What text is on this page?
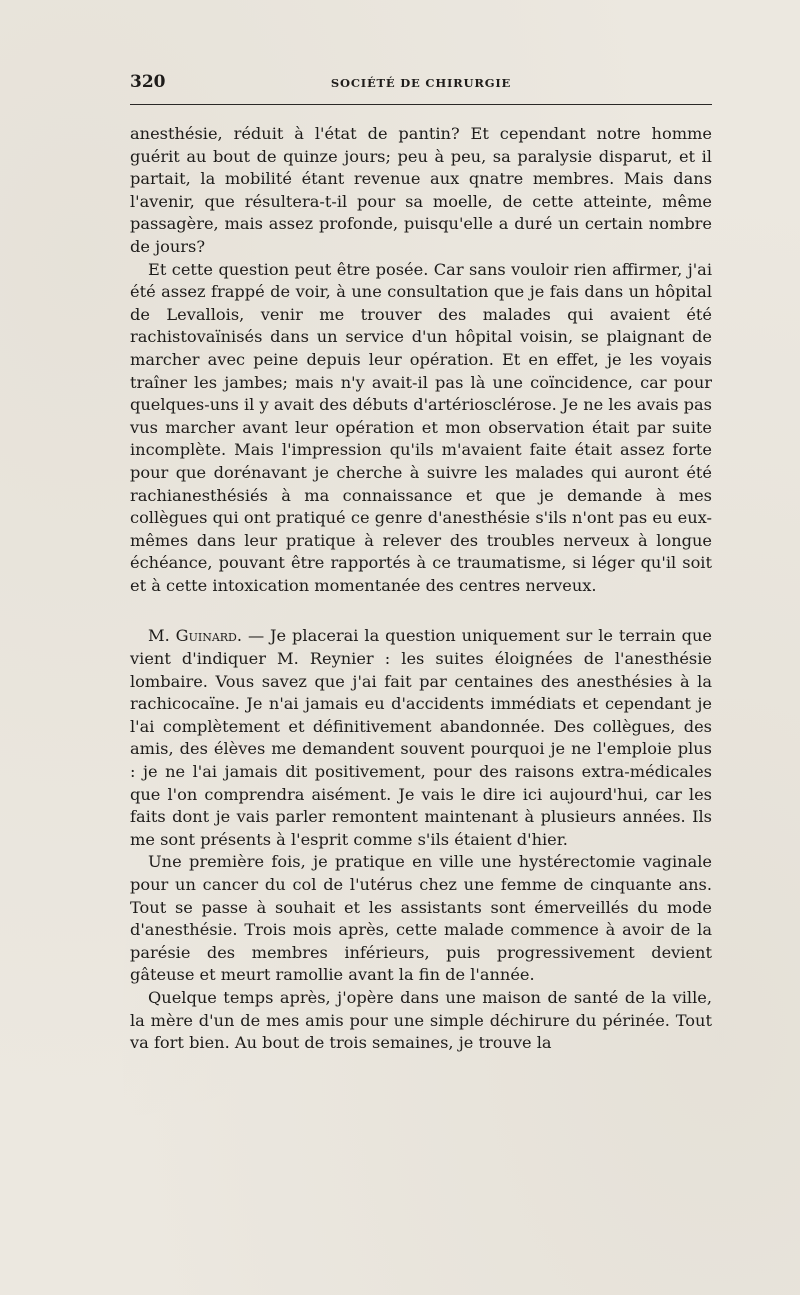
320	SOCIÉTÉ DE CHIRURGIE

anesthésie, réduit à l'état de pantin? Et cependant notre homme guérit au bout de quinze jours; peu à peu, sa paralysie disparut, et il partait, la mobilité étant revenue aux qnatre membres. Mais dans l'avenir, que résultera-t-il pour sa moelle, de cette atteinte, même passagère, mais assez profonde, puisqu'elle a duré un certain nombre de jours?

Et cette question peut être posée. Car sans vouloir rien affirmer, j'ai été assez frappé de voir, à une consultation que je fais dans un hôpital de Levallois, venir me trouver des malades qui avaient été rachistovaïnisés dans un service d'un hôpital voisin, se plaignant de marcher avec peine depuis leur opération. Et en effet, je les voyais traîner les jambes; mais n'y avait-il pas là une coïncidence, car pour quelques-uns il y avait des débuts d'artériosclérose. Je ne les avais pas vus marcher avant leur opération et mon observation était par suite incomplète. Mais l'impression qu'ils m'avaient faite était assez forte pour que dorénavant je cherche à suivre les malades qui auront été rachianesthésiés à ma connaissance et que je demande à mes collègues qui ont pratiqué ce genre d'anesthésie s'ils n'ont pas eu eux-mêmes dans leur pratique à relever des troubles nerveux à longue échéance, pouvant être rapportés à ce traumatisme, si léger qu'il soit et à cette intoxication momentanée des centres nerveux.

M. Guinard. — Je placerai la question uniquement sur le terrain que vient d'indiquer M. Reynier : les suites éloignées de l'anesthésie lombaire. Vous savez que j'ai fait par centaines des anesthésies à la rachicocaïne. Je n'ai jamais eu d'accidents immédiats et cependant je l'ai complètement et définitivement abandonnée. Des collègues, des amis, des élèves me demandent souvent pourquoi je ne l'emploie plus : je ne l'ai jamais dit positivement, pour des raisons extra-médicales que l'on comprendra aisément. Je vais le dire ici aujourd'hui, car les faits dont je vais parler remontent maintenant à plusieurs années. Ils me sont présents à l'esprit comme s'ils étaient d'hier.

Une première fois, je pratique en ville une hystérectomie vaginale pour un cancer du col de l'utérus chez une femme de cinquante ans. Tout se passe à souhait et les assistants sont émerveillés du mode d'anesthésie. Trois mois après, cette malade commence à avoir de la parésie des membres inférieurs, puis progressivement devient gâteuse et meurt ramollie avant la fin de l'année.

Quelque temps après, j'opère dans une maison de santé de la ville, la mère d'un de mes amis pour une simple déchirure du périnée. Tout va fort bien. Au bout de trois semaines, je trouve la
